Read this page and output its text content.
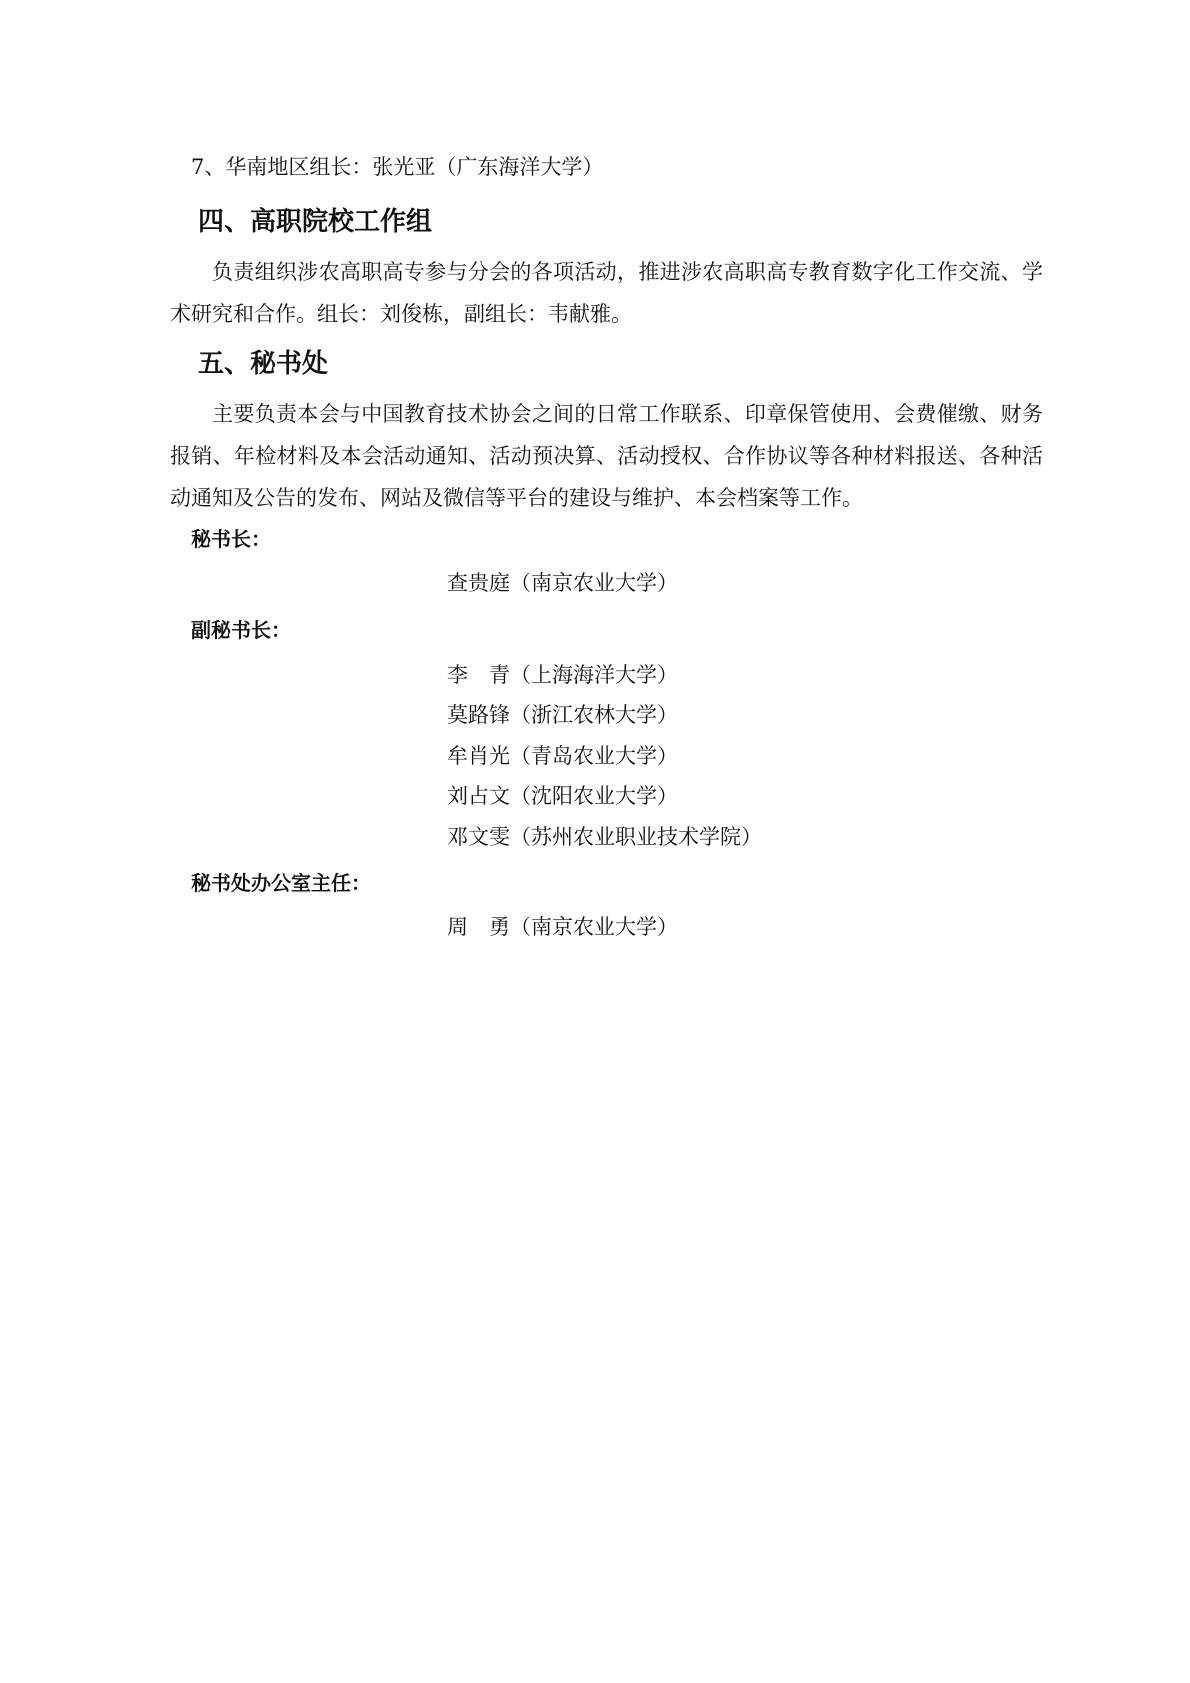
7、华南地区组长：张光亚（广东海洋大学）
四、高职院校工作组
负责组织涉农高职高专参与分会的各项活动，推进涉农高职高专教育数字化工作交流、学术研究和合作。组长：刘俊栋，副组长：韦献雅。
五、秘书处
主要负责本会与中国教育技术协会之间的日常工作联系、印章保管使用、会费催缴、财务报销、年检材料及本会活动通知、活动预决算、活动授权、合作协议等各种材料报送、各种活动通知及公告的发布、网站及微信等平台的建设与维护、本会档案等工作。
秘书长：
查贵庭（南京农业大学）
副秘书长：
李　青（上海海洋大学）
莫路锋（浙江农林大学）
牟肖光（青岛农业大学）
刘占文（沈阳农业大学）
邓文雯（苏州农业职业技术学院）
秘书处办公室主任：
周　勇（南京农业大学）
